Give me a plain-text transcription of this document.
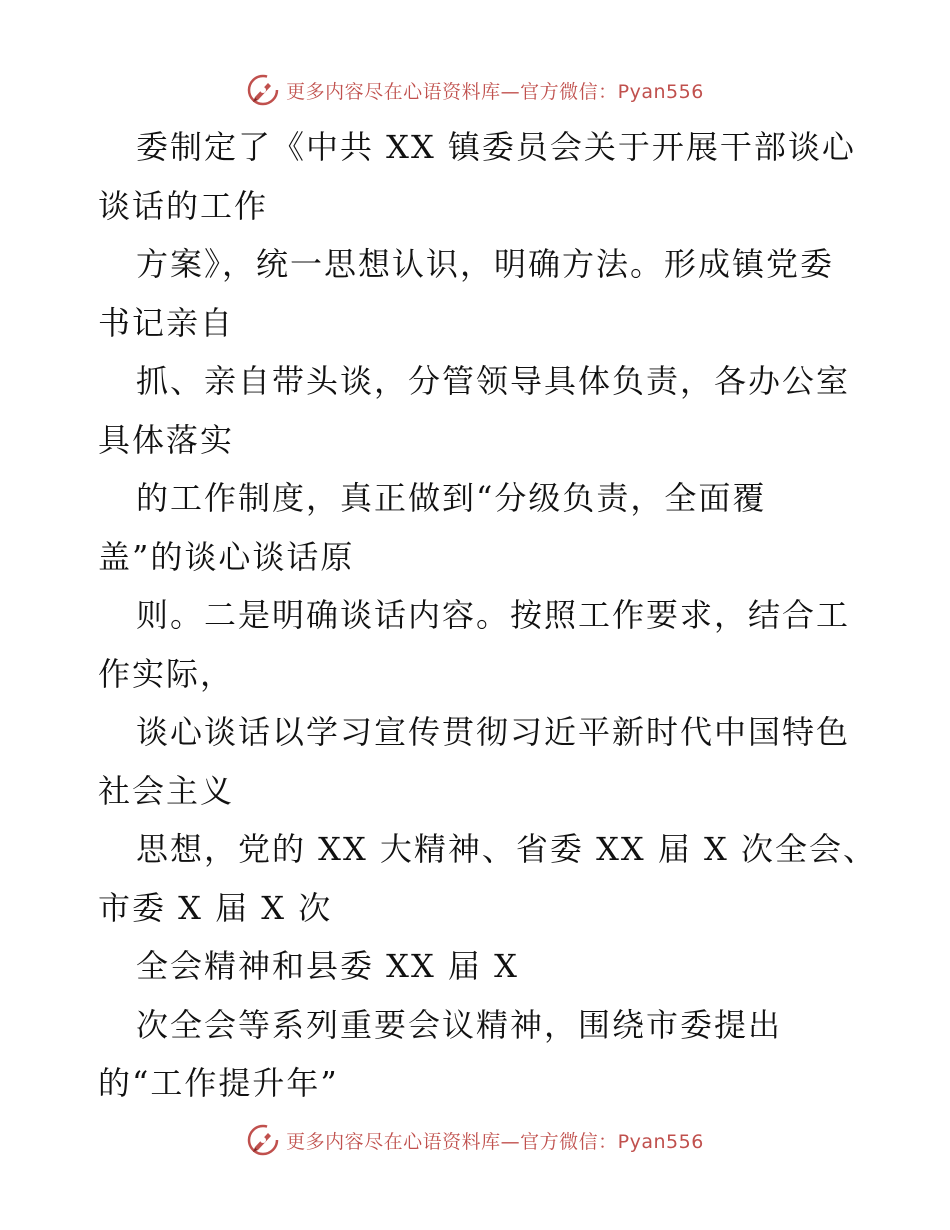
更多内容尽在心语资料库—官方微信：Pyan556
委制定了《中共 XX 镇委员会关于开展干部谈心
谈话的工作
方案》，统一思想认识，明确方法。形成镇党委
书记亲自
抓、亲自带头谈，分管领导具体负责，各办公室
具体落实
的工作制度，真正做到“分级负责，全面覆
盖”的谈心谈话原
则。二是明确谈话内容。按照工作要求，结合工
作实际，
谈心谈话以学习宣传贯彻习近平新时代中国特色
社会主义
思想，党的 XX 大精神、省委 XX 届 X 次全会、
市委 X 届 X 次
全会精神和县委 XX 届 X
次全会等系列重要会议精神，围绕市委提出
的“工作提升年”
更多内容尽在心语资料库—官方微信：Pyan556
